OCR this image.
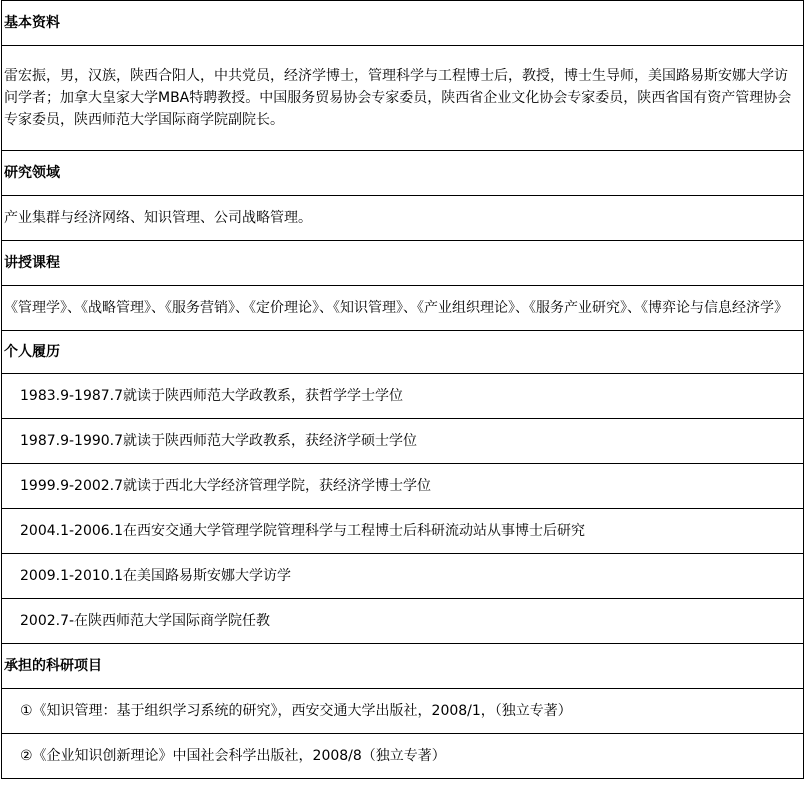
基本资料
雷宏振，男，汉族，陕西合阳人，中共党员，经济学博士，管理科学与工程博士后，教授，博士生导师，美国路易斯安娜大学访问学者；加拿大皇家大学MBA特聘教授。中国服务贸易协会专家委员，陕西省企业文化协会专家委员，陕西省国有资产管理协会专家委员，陕西师范大学国际商学院副院长。
研究领域
产业集群与经济网络、知识管理、公司战略管理。
讲授课程
《管理学》、《战略管理》、《服务营销》、《定价理论》、《知识管理》、《产业组织理论》、《服务产业研究》、《博弈论与信息经济学》
个人履历
1983.9-1987.7就读于陕西师范大学政教系，获哲学学士学位
1987.9-1990.7就读于陕西师范大学政教系，获经济学硕士学位
1999.9-2002.7就读于西北大学经济管理学院，获经济学博士学位
2004.1-2006.1在西安交通大学管理学院管理科学与工程博士后科研流动站从事博士后研究
2009.1-2010.1在美国路易斯安娜大学访学
2002.7-在陕西师范大学国际商学院任教
承担的科研项目
①《知识管理：基于组织学习系统的研究》，西安交通大学出版社，2008/1，（独立专著）
②《企业知识创新理论》中国社会科学出版社，2008/8（独立专著）
